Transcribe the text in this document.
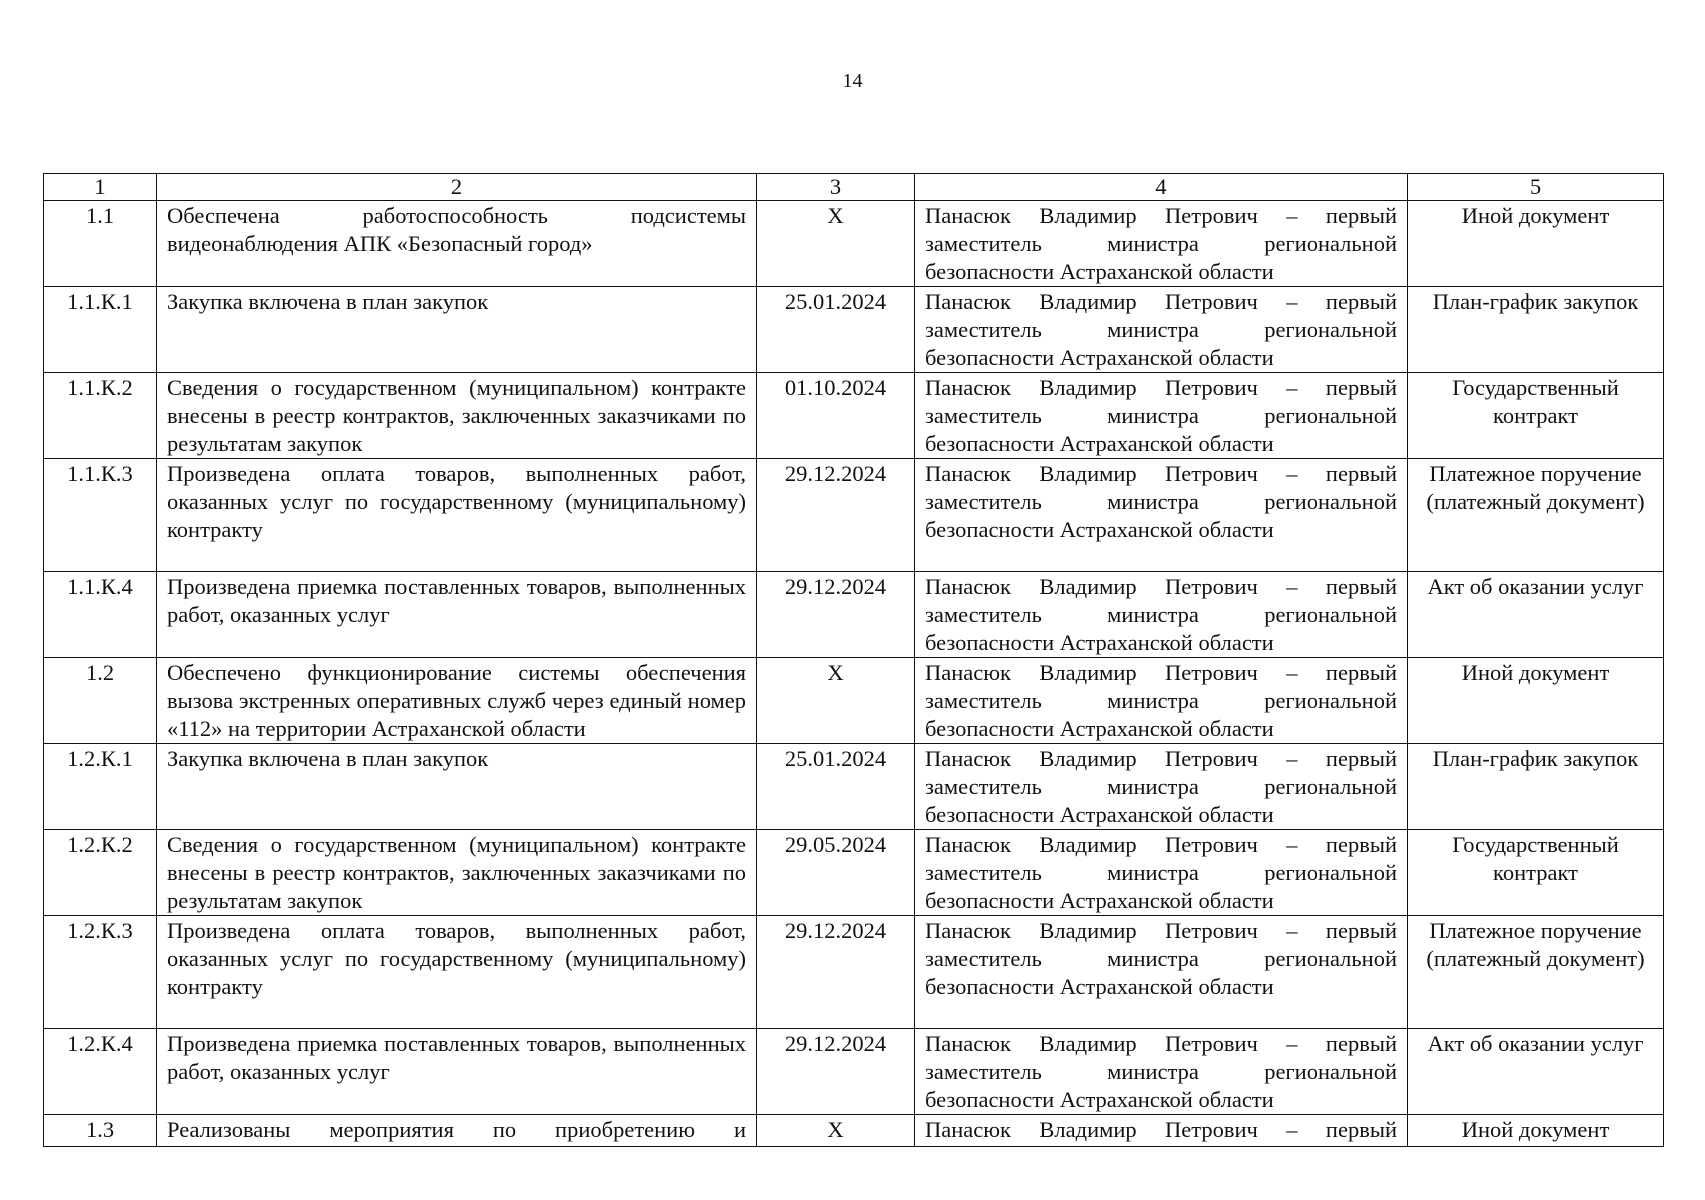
14
1	2	3	4	5
1.1	Обеспечена работоспособность подсистемы видеонаблюдения АПК «Безопасный город»	X	Панасюк Владимир Петрович – первый заместитель министра региональной безопасности Астраханской области	Иной документ
1.1.К.1	Закупка включена в план закупок	25.01.2024	Панасюк Владимир Петрович – первый заместитель министра региональной безопасности Астраханской области	План-график закупок
1.1.К.2	Сведения о государственном (муниципальном) контракте внесены в реестр контрактов, заключенных заказчиками по результатам закупок	01.10.2024	Панасюк Владимир Петрович – первый заместитель министра региональной безопасности Астраханской области	Государственный контракт
1.1.К.3	Произведена оплата товаров, выполненных работ, оказанных услуг по государственному (муниципальному) контракту	29.12.2024	Панасюк Владимир Петрович – первый заместитель министра региональной безопасности Астраханской области	Платежное поручение (платежный документ)
1.1.К.4	Произведена приемка поставленных товаров, выполненных работ, оказанных услуг	29.12.2024	Панасюк Владимир Петрович – первый заместитель министра региональной безопасности Астраханской области	Акт об оказании услуг
1.2	Обеспечено функционирование системы обеспечения вызова экстренных оперативных служб через единый номер «112» на территории Астраханской области	X	Панасюк Владимир Петрович – первый заместитель министра региональной безопасности Астраханской области	Иной документ
1.2.К.1	Закупка включена в план закупок	25.01.2024	Панасюк Владимир Петрович – первый заместитель министра региональной безопасности Астраханской области	План-график закупок
1.2.К.2	Сведения о государственном (муниципальном) контракте внесены в реестр контрактов, заключенных заказчиками по результатам закупок	29.05.2024	Панасюк Владимир Петрович – первый заместитель министра региональной безопасности Астраханской области	Государственный контракт
1.2.К.3	Произведена оплата товаров, выполненных работ, оказанных услуг по государственному (муниципальному) контракту	29.12.2024	Панасюк Владимир Петрович – первый заместитель министра региональной безопасности Астраханской области	Платежное поручение (платежный документ)
1.2.К.4	Произведена приемка поставленных товаров, выполненных работ, оказанных услуг	29.12.2024	Панасюк Владимир Петрович – первый заместитель министра региональной безопасности Астраханской области	Акт об оказании услуг
1.3	Реализованы мероприятия по приобретению и	X	Панасюк Владимир Петрович – первый	Иной документ
